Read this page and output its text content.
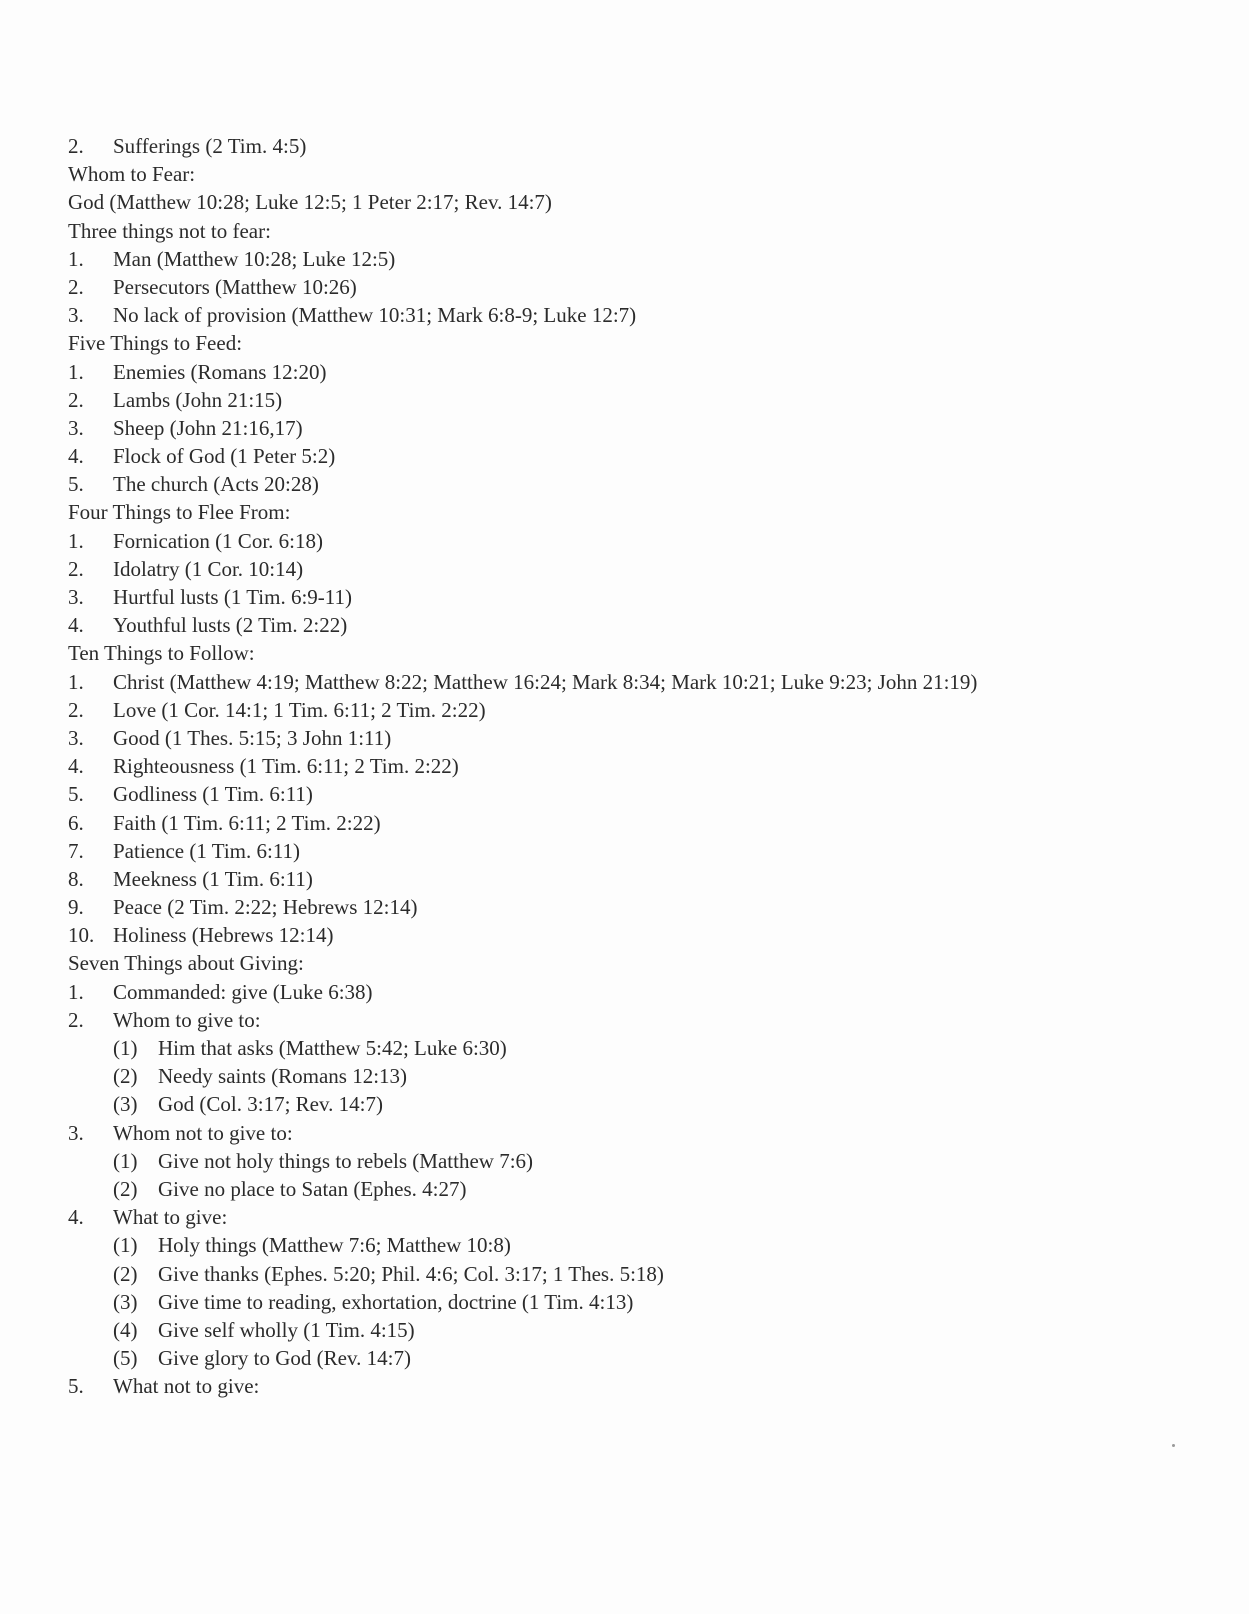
2.	Sufferings (2 Tim. 4:5)
Whom to Fear:
God (Matthew 10:28; Luke 12:5; 1 Peter 2:17; Rev. 14:7)
Three things not to fear:
1.	Man (Matthew 10:28; Luke 12:5)
2.	Persecutors (Matthew 10:26)
3.	No lack of provision (Matthew 10:31; Mark 6:8-9; Luke 12:7)
Five Things to Feed:
1.	Enemies (Romans 12:20)
2.	Lambs (John 21:15)
3.	Sheep (John 21:16,17)
4.	Flock of God (1 Peter 5:2)
5.	The church (Acts 20:28)
Four Things to Flee From:
1.	Fornication (1 Cor. 6:18)
2.	Idolatry (1 Cor. 10:14)
3.	Hurtful lusts (1 Tim. 6:9-11)
4.	Youthful lusts (2 Tim. 2:22)
Ten Things to Follow:
1.	Christ (Matthew 4:19; Matthew 8:22; Matthew 16:24; Mark 8:34; Mark 10:21; Luke 9:23; John 21:19)
2.	Love (1 Cor. 14:1; 1 Tim. 6:11; 2 Tim. 2:22)
3.	Good (1 Thes. 5:15; 3 John 1:11)
4.	Righteousness (1 Tim. 6:11; 2 Tim. 2:22)
5.	Godliness (1 Tim. 6:11)
6.	Faith (1 Tim. 6:11; 2 Tim. 2:22)
7.	Patience (1 Tim. 6:11)
8.	Meekness (1 Tim. 6:11)
9.	Peace (2 Tim. 2:22; Hebrews 12:14)
10. Holiness (Hebrews 12:14)
Seven Things about Giving:
1.	Commanded: give (Luke 6:38)
2.	Whom to give to:
(1) Him that asks (Matthew 5:42; Luke 6:30)
(2) Needy saints (Romans 12:13)
(3) God (Col. 3:17; Rev. 14:7)
3.	Whom not to give to:
(1) Give not holy things to rebels (Matthew 7:6)
(2) Give no place to Satan (Ephes. 4:27)
4.	What to give:
(1) Holy things (Matthew 7:6; Matthew 10:8)
(2) Give thanks (Ephes. 5:20; Phil. 4:6; Col. 3:17; 1 Thes. 5:18)
(3) Give time to reading, exhortation, doctrine (1 Tim. 4:13)
(4) Give self wholly (1 Tim. 4:15)
(5) Give glory to God (Rev. 14:7)
5.	What not to give:
